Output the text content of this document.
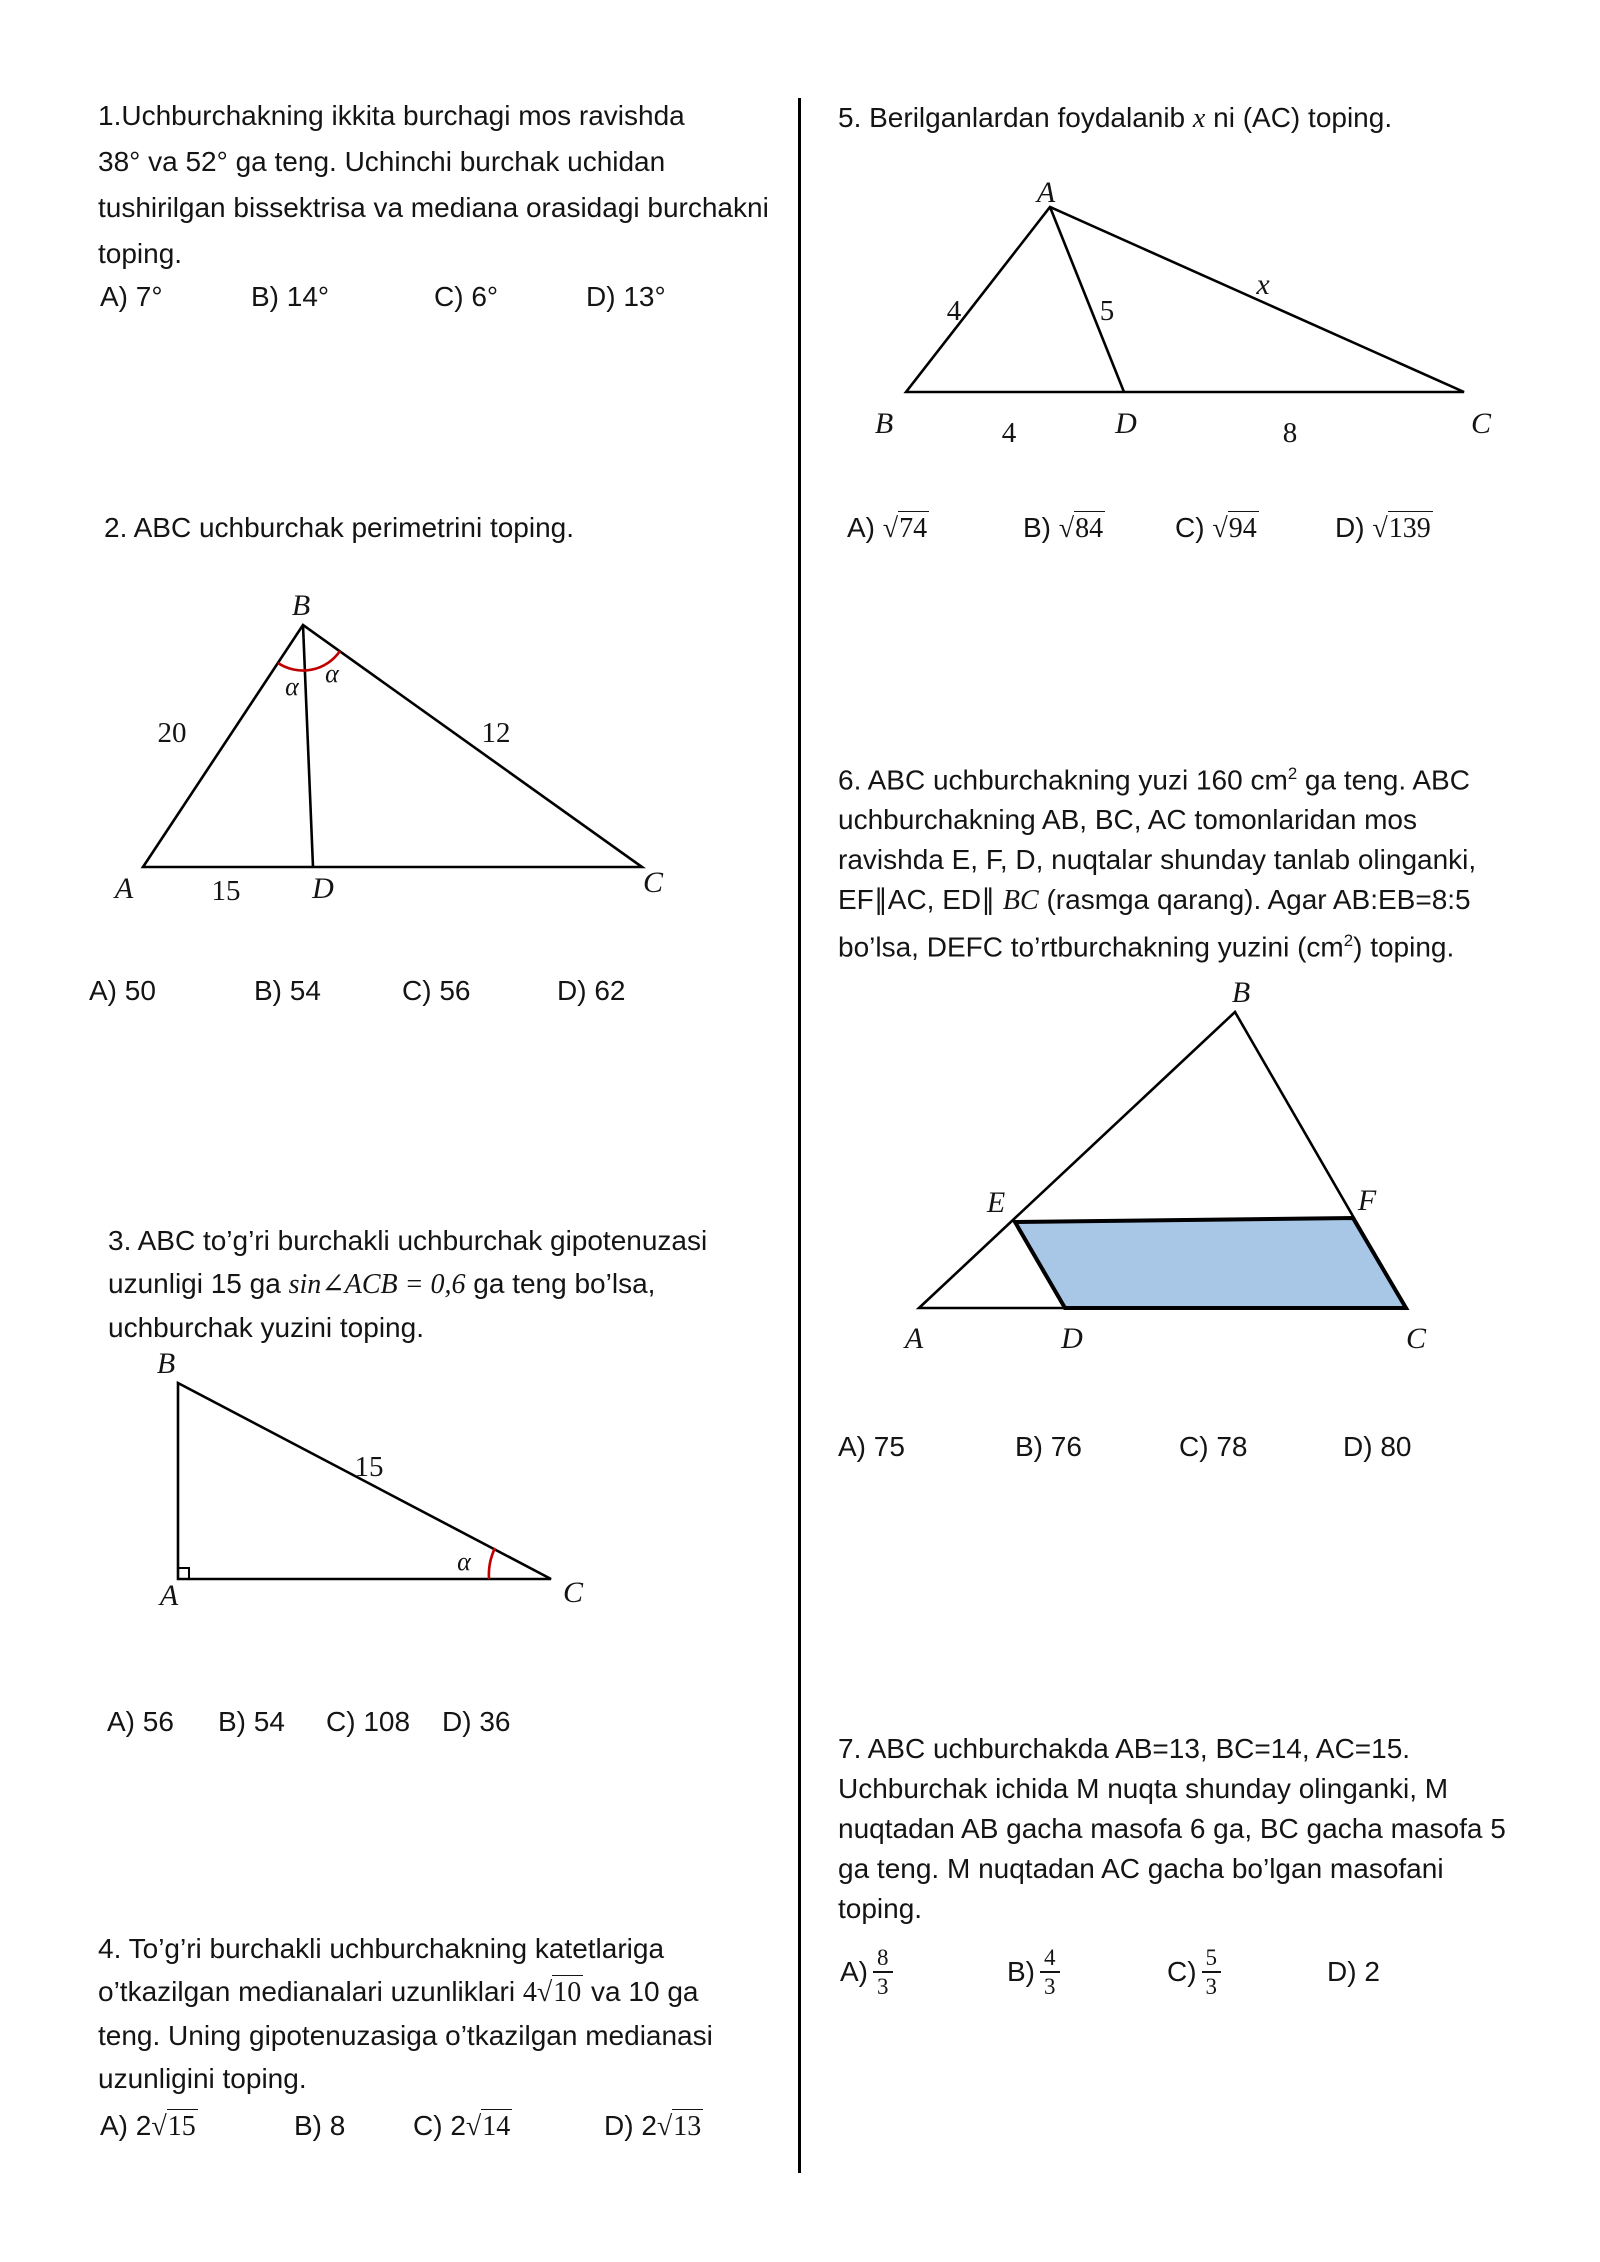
1.Uchburchakning ikkita burchagi mos ravishda
38° va 52° ga teng. Uchinchi burchak uchidan
tushirilgan bissektrisa va mediana orasidagi burchakni
toping.
A) 7°	B) 14°	C) 6°	D) 13°
2. ABC uchburchak perimetrini toping.
B
A	D	C
20	12
15
α α
A) 50	B) 54	C) 56	D) 62
3. ABC to’g’ri burchakli uchburchak gipotenuzasi
uzunligi 15 ga sin∠ACB = 0,6 ga teng bo’lsa,
uchburchak yuzini toping.
B
A	C
15
α
A) 56 B) 54 C) 108 D) 36
4. To’g’ri burchakli uchburchakning katetlariga
o’tkazilgan medianalari uzunliklari 4√10 va 10 ga
teng. Uning gipotenuzasiga o’tkazilgan medianasi
uzunligini toping.
A) 2√15	B) 8 C) 2√14	D) 2√13
5. Berilganlardan foydalanib x ni (AC) toping.
A
B	D	C
4	5
x
4	8
A) √74	B) √84	C) √94	D) √139
6. ABC uchburchakning yuzi 160 $cm^2$ ga teng. ABC
uchburchakning AB, BC, AC tomonlaridan mos
ravishda E, F, D, nuqtalar shunday tanlab olinganki,
EF∥AC, ED∥ BC (rasmga qarang). Agar AB:EB=8:5
bo’lsa, DEFC to’rtburchakning yuzini $(cm^2)$ toping.
B
E	F
A	D	C
A) 75	B) 76	C) 78	D) 80
7. ABC uchburchakda AB=13, BC=14, AC=15.
Uchburchak ichida M nuqta shunday olinganki, M
nuqtadan AB gacha masofa 6 ga, BC gacha masofa 5
ga teng. M nuqtadan AC gacha bo’lgan masofani
toping.
$A) \frac{8}{3}$	$B) \frac{4}{3}$	$C) \frac{5}{3}$	D) 2
